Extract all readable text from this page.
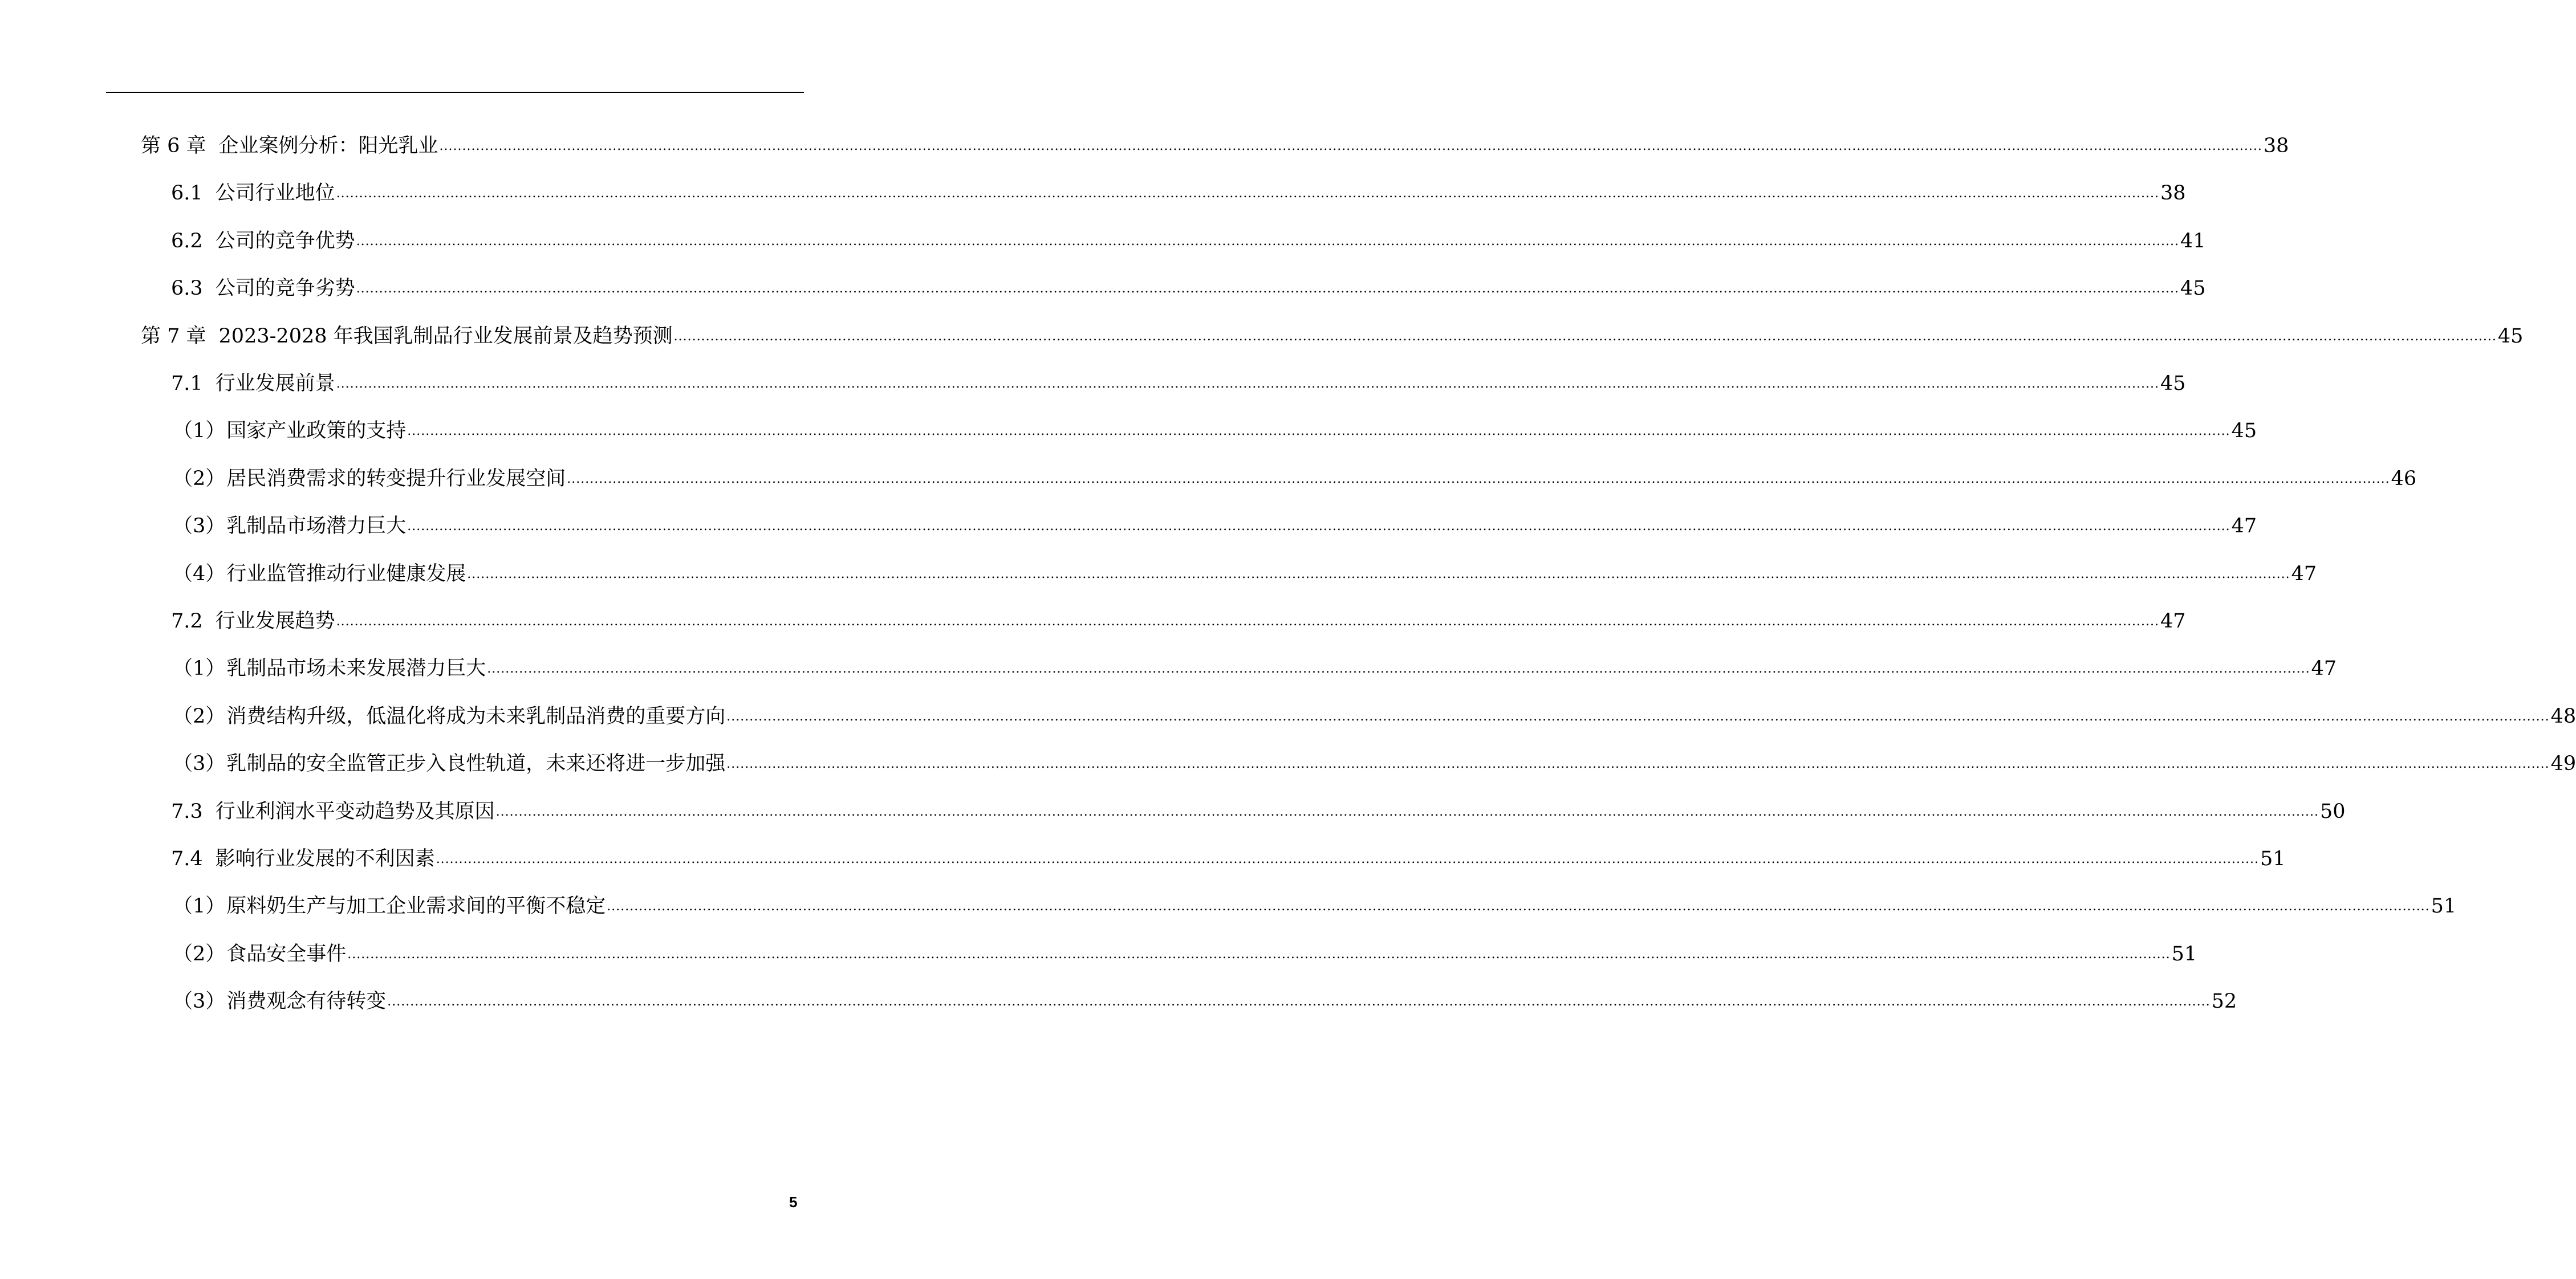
第 6 章 企业案例分析：阳光乳业 ................................................................................................................................................................................................................................................................................................................................................................................................................ 38
6.1 公司行业地位 ................................................................................................................................................................................................................................................................................................................................................................................................................ 38
6.2 公司的竞争优势 ................................................................................................................................................................................................................................................................................................................................................................................................................ 41
6.3 公司的竞争劣势 ................................................................................................................................................................................................................................................................................................................................................................................................................ 45
第 7 章 2023-2028 年我国乳制品行业发展前景及趋势预测 ................................................................................................................................................................................................................................................................................................................................................................................................................ 45
7.1 行业发展前景 ................................................................................................................................................................................................................................................................................................................................................................................................................ 45
（1） 国家产业政策的支持 ................................................................................................................................................................................................................................................................................................................................................................................................................ 45
（2） 居民消费需求的转变提升行业发展空间 ................................................................................................................................................................................................................................................................................................................................................................................................................ 46
（3） 乳制品市场潜力巨大 ................................................................................................................................................................................................................................................................................................................................................................................................................ 47
（4） 行业监管推动行业健康发展 ................................................................................................................................................................................................................................................................................................................................................................................................................ 47
7.2 行业发展趋势 ................................................................................................................................................................................................................................................................................................................................................................................................................ 47
（1） 乳制品市场未来发展潜力巨大 ................................................................................................................................................................................................................................................................................................................................................................................................................ 47
（2） 消费结构升级，低温化将成为未来乳制品消费的重要方向 ................................................................................................................................................................................................................................................................................................................................................................................................................ 48
（3） 乳制品的安全监管正步入良性轨道，未来还将进一步加强 ................................................................................................................................................................................................................................................................................................................................................................................................................ 49
7.3 行业利润水平变动趋势及其原因 ................................................................................................................................................................................................................................................................................................................................................................................................................ 50
7.4 影响行业发展的不利因素 ................................................................................................................................................................................................................................................................................................................................................................................................................ 51
（1） 原料奶生产与加工企业需求间的平衡不稳定 ................................................................................................................................................................................................................................................................................................................................................................................................................ 51
（2） 食品安全事件 ................................................................................................................................................................................................................................................................................................................................................................................................................ 51
（3） 消费观念有待转变 ................................................................................................................................................................................................................................................................................................................................................................................................................ 52
5
